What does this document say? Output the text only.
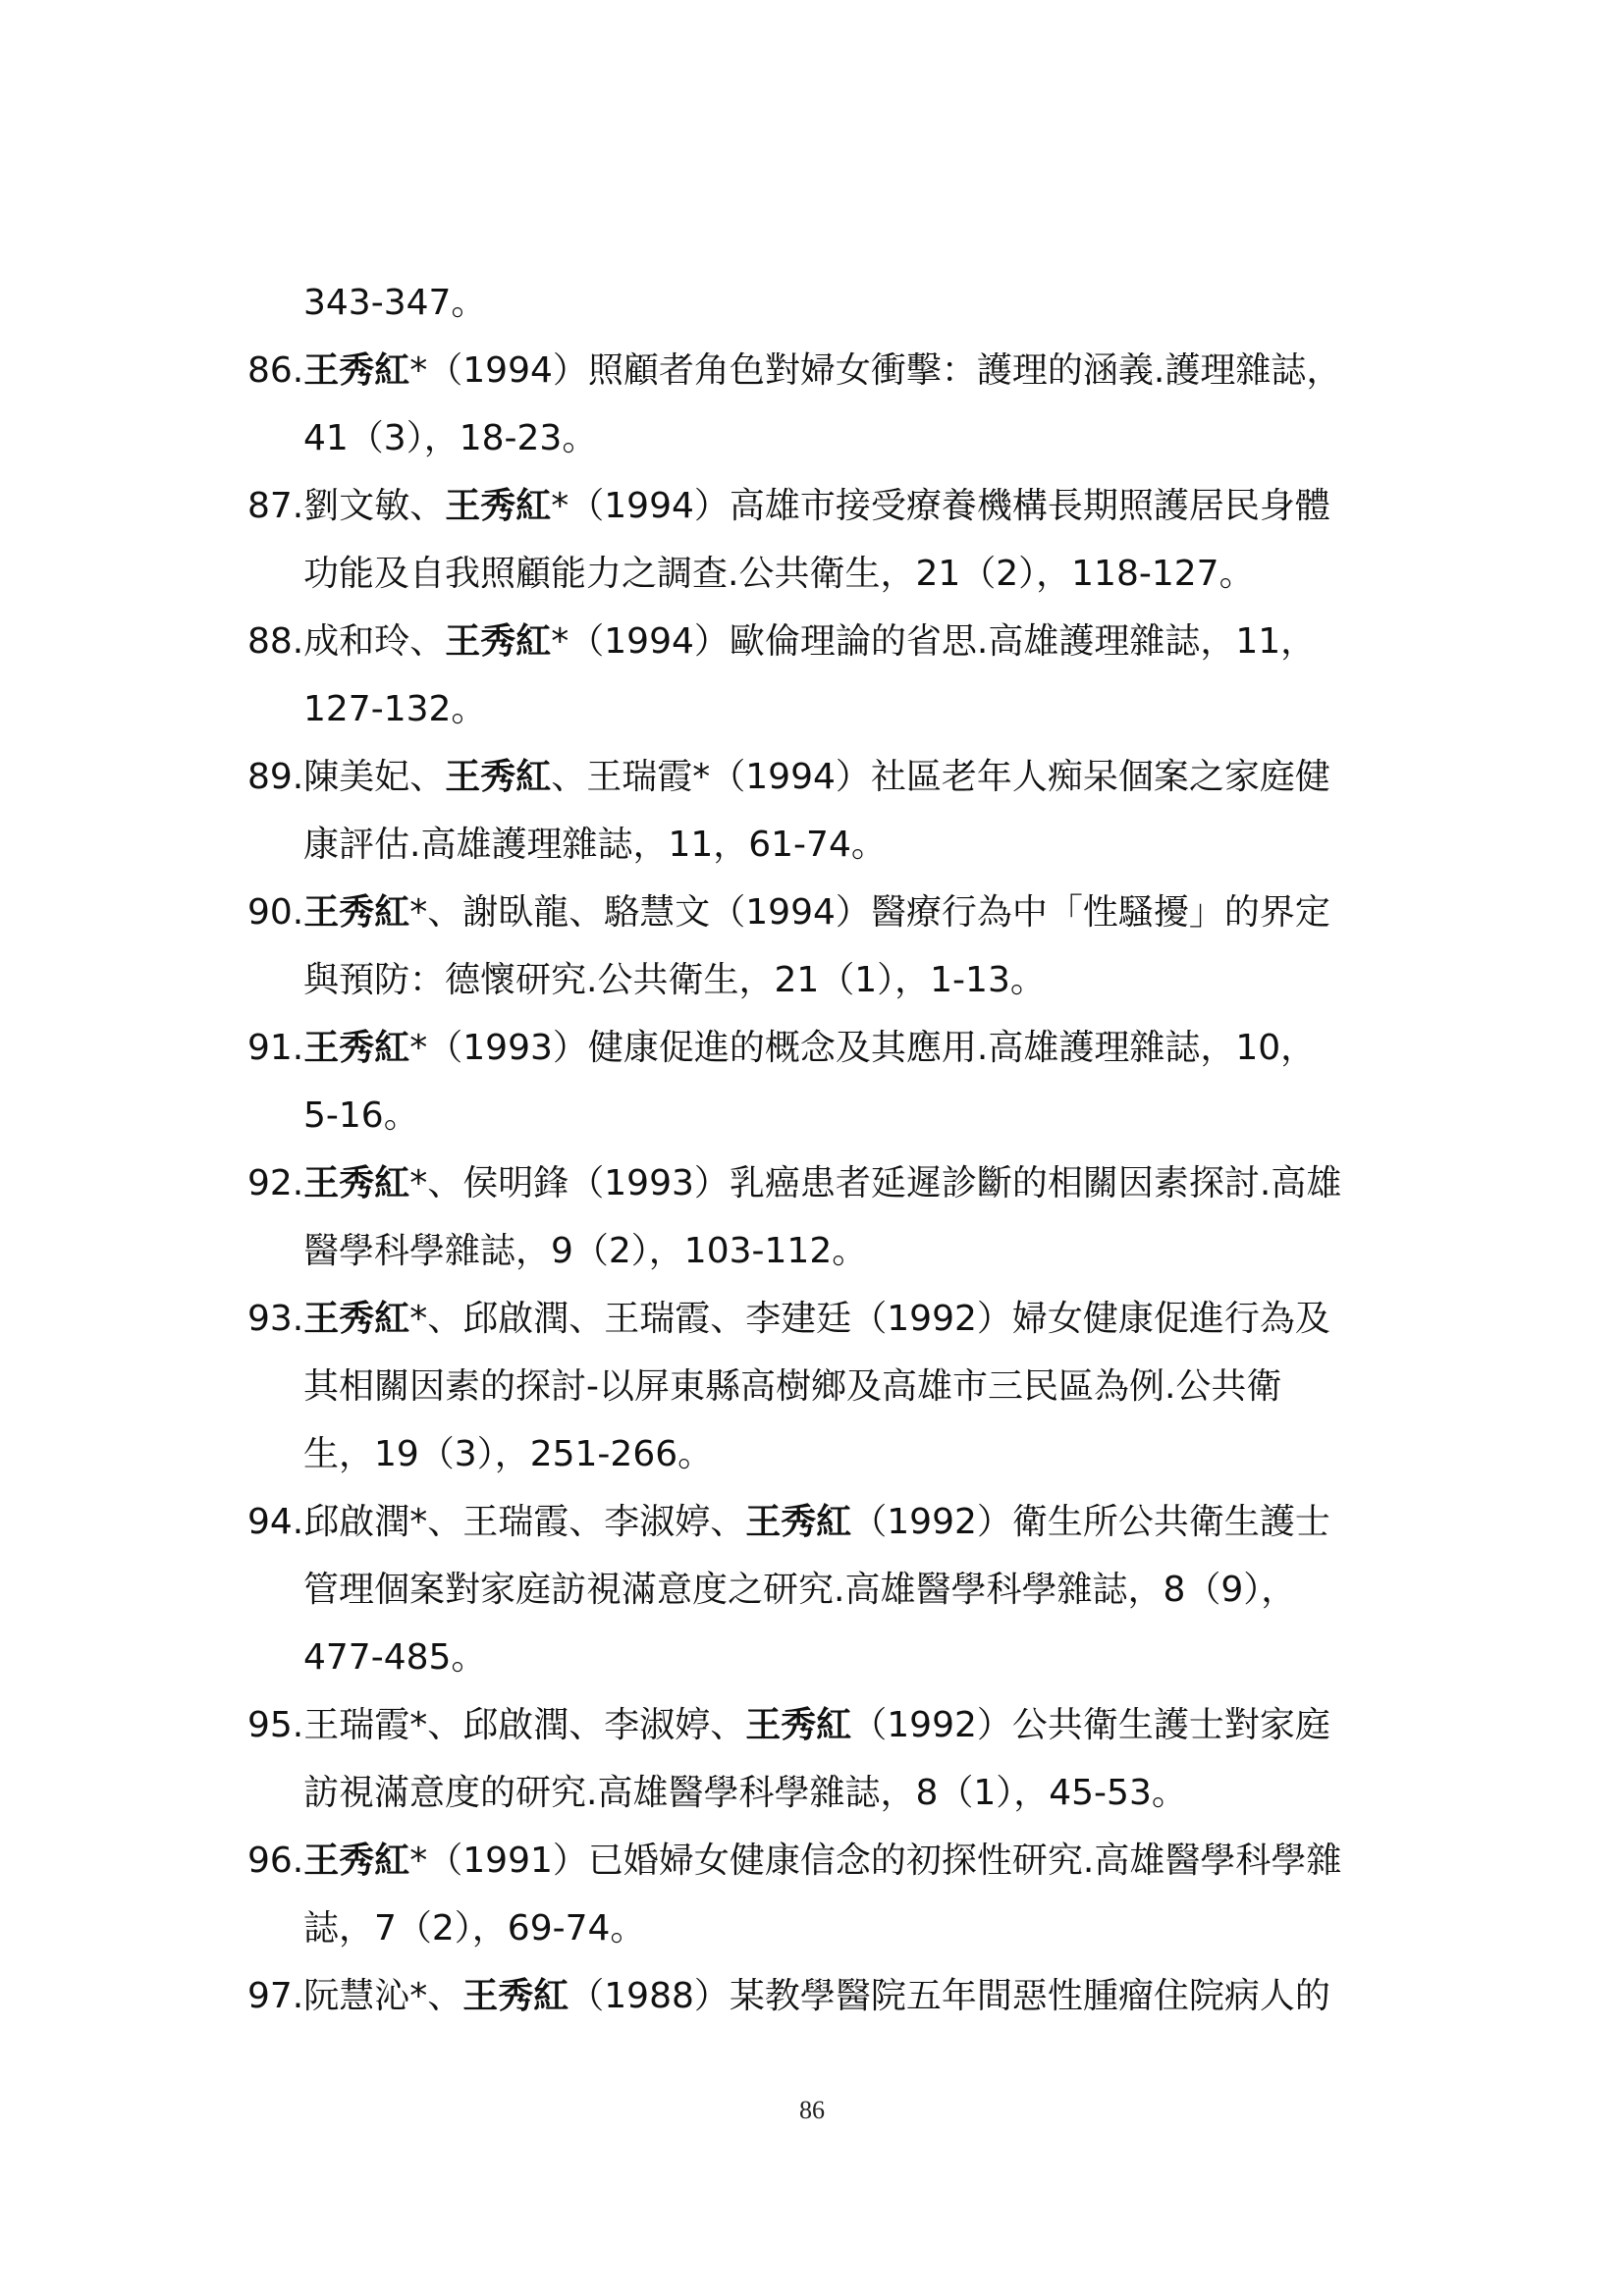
343-347。
86.王秀紅*（1994）照顧者角色對婦女衝擊：護理的涵義.護理雜誌，
41（3），18-23。
87.劉文敏、王秀紅*（1994）高雄市接受療養機構長期照護居民身體
功能及自我照顧能力之調查.公共衛生，21（2），118-127。
88.成和玲、王秀紅*（1994）歐倫理論的省思.高雄護理雜誌，11，
127-132。
89.陳美妃、王秀紅、王瑞霞*（1994）社區老年人痴呆個案之家庭健
康評估.高雄護理雜誌，11，61-74。
90.王秀紅*、謝臥龍、駱慧文（1994）醫療行為中「性騷擾」的界定
與預防：德懷研究.公共衛生，21（1），1-13。
91.王秀紅*（1993）健康促進的概念及其應用.高雄護理雜誌，10，
5-16。
92.王秀紅*、侯明鋒（1993）乳癌患者延遲診斷的相關因素探討.高雄
醫學科學雜誌，9（2），103-112。
93.王秀紅*、邱啟潤、王瑞霞、李建廷（1992）婦女健康促進行為及
其相關因素的探討-以屏東縣高樹鄉及高雄市三民區為例.公共衛
生，19（3），251-266。
94.邱啟潤*、王瑞霞、李淑婷、王秀紅（1992）衛生所公共衛生護士
管理個案對家庭訪視滿意度之研究.高雄醫學科學雜誌，8（9），
477-485。
95.王瑞霞*、邱啟潤、李淑婷、王秀紅（1992）公共衛生護士對家庭
訪視滿意度的研究.高雄醫學科學雜誌，8（1），45-53。
96.王秀紅*（1991）已婚婦女健康信念的初探性研究.高雄醫學科學雜
誌，7（2），69-74。
97.阮慧沁*、王秀紅（1988）某教學醫院五年間惡性腫瘤住院病人的
86
